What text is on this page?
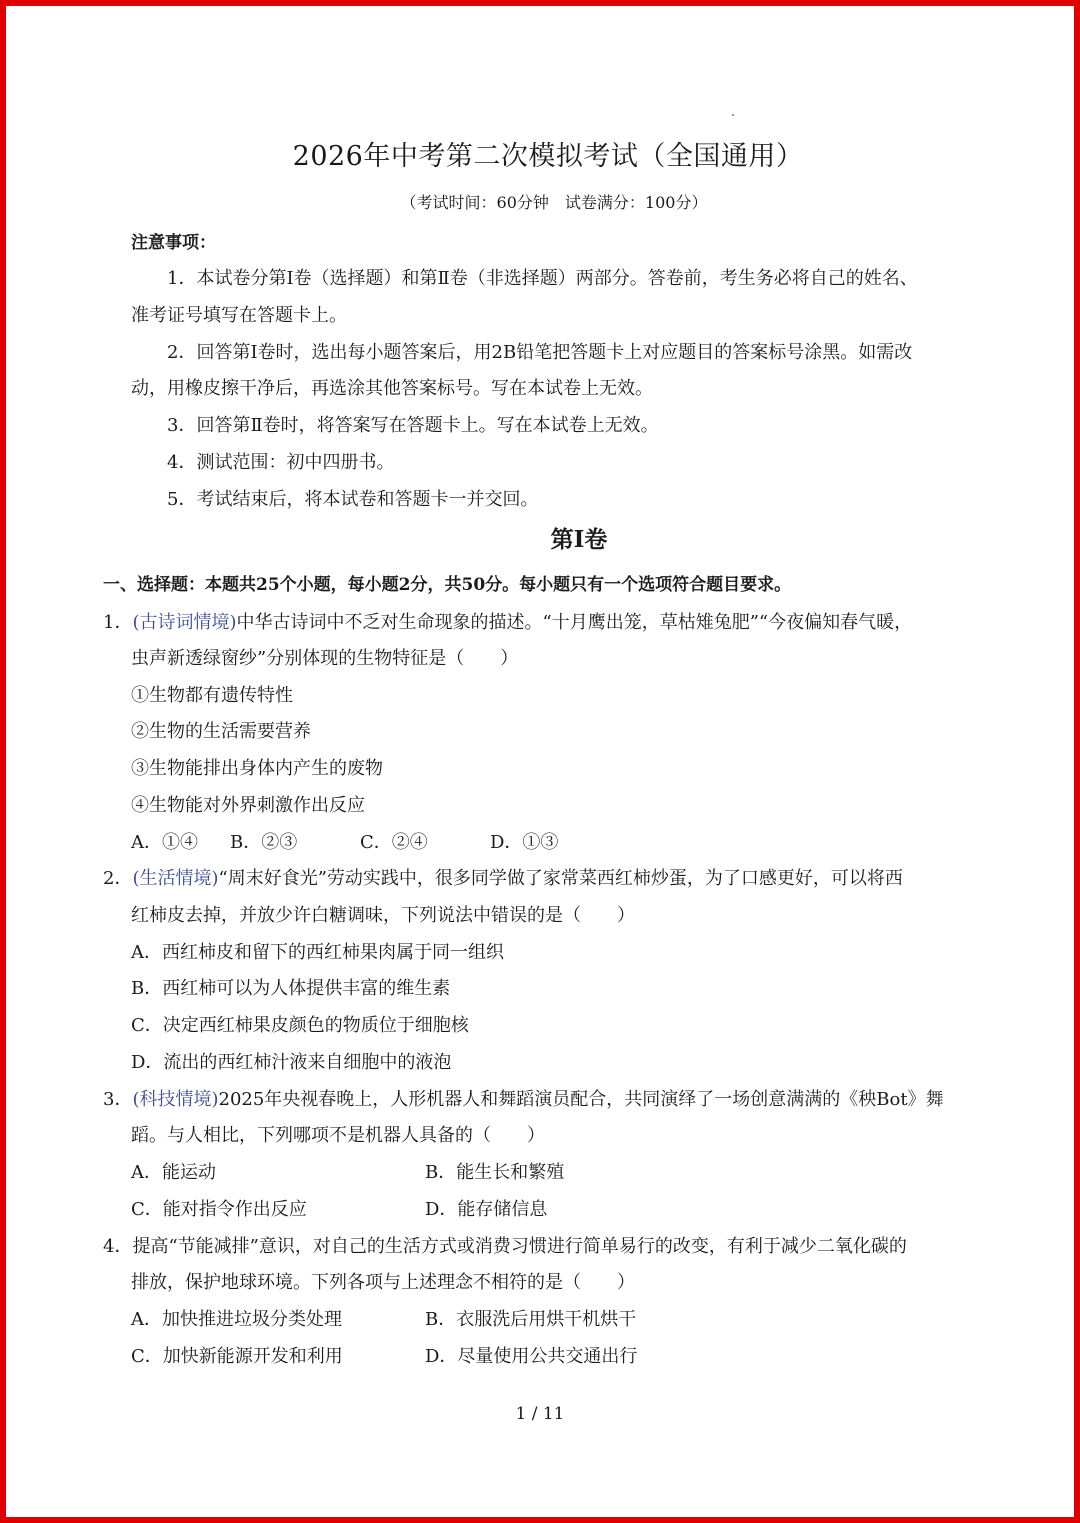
2026年中考第二次模拟考试（全国通用）
（考试时间：60分钟　试卷满分：100分）
注意事项：
1．本试卷分第Ⅰ卷（选择题）和第Ⅱ卷（非选择题）两部分。答卷前，考生务必将自己的姓名、
准考证号填写在答题卡上。
2．回答第Ⅰ卷时，选出每小题答案后，用2B铅笔把答题卡上对应题目的答案标号涂黑。如需改
动，用橡皮擦干净后，再选涂其他答案标号。写在本试卷上无效。
3．回答第Ⅱ卷时，将答案写在答题卡上。写在本试卷上无效。
4．测试范围：初中四册书。
5．考试结束后，将本试卷和答题卡一并交回。
第Ⅰ卷
一、选择题：本题共25个小题，每小题2分，共50分。每小题只有一个选项符合题目要求。
1．(古诗词情境)中华古诗词中不乏对生命现象的描述。“十月鹰出笼，草枯雉兔肥”“今夜偏知春气暖，
虫声新透绿窗纱”分别体现的生物特征是（　　）
①生物都有遗传特性
②生物的生活需要营养
③生物能排出身体内产生的废物
④生物能对外界刺激作出反应
A．①④ B．②③	C．②④	D．①③
2．(生活情境)“周末好食光”劳动实践中，很多同学做了家常菜西红柿炒蛋，为了口感更好，可以将西
红柿皮去掉，并放少许白糖调味，下列说法中错误的是（　　）
A．西红柿皮和留下的西红柿果肉属于同一组织
B．西红柿可以为人体提供丰富的维生素
C．决定西红柿果皮颜色的物质位于细胞核
D．流出的西红柿汁液来自细胞中的液泡
3．(科技情境)2025年央视春晚上，人形机器人和舞蹈演员配合，共同演绎了一场创意满满的《秧Bot》舞
蹈。与人相比，下列哪项不是机器人具备的（　　）
A．能运动	B．能生长和繁殖
C．能对指令作出反应	D．能存储信息
4．提高“节能减排”意识，对自己的生活方式或消费习惯进行简单易行的改变，有利于减少二氧化碳的
排放，保护地球环境。下列各项与上述理念不相符的是（　　）
A．加快推进垃圾分类处理	B．衣服洗后用烘干机烘干
C．加快新能源开发和利用	D．尽量使用公共交通出行
1 / 11
